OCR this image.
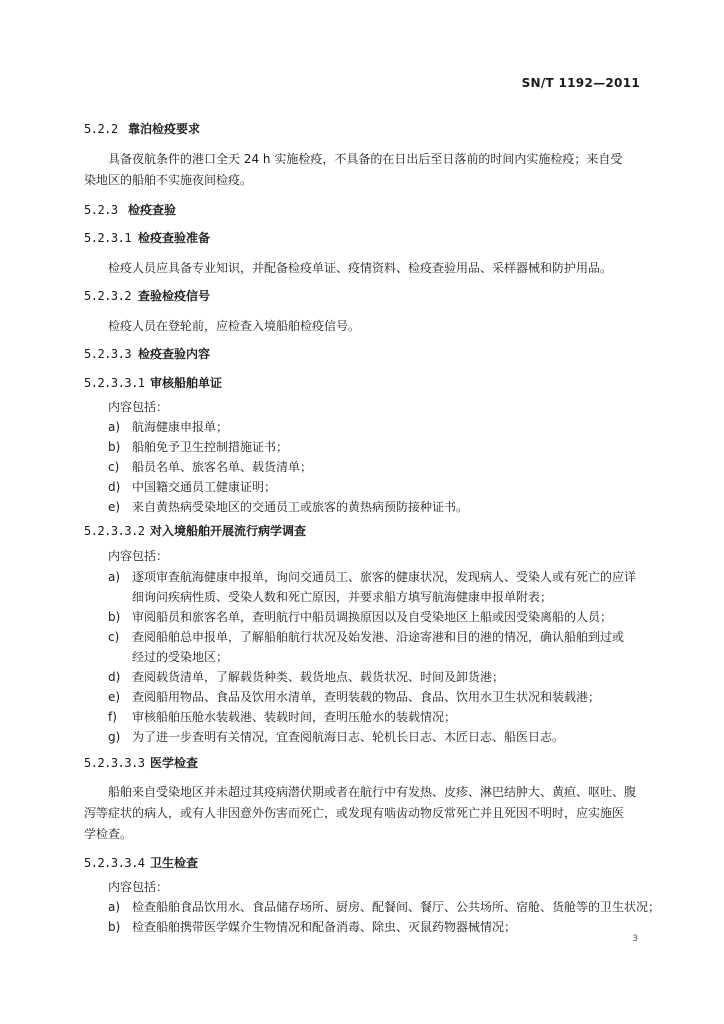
SN/T 1192—2011
5.2.2 靠泊检疫要求
具备夜航条件的港口全天 24 h 实施检疫，不具备的在日出后至日落前的时间内实施检疫；来自受
染地区的船舶不实施夜间检疫。
5.2.3 检疫查验
5.2.3.1 检疫查验准备
检疫人员应具备专业知识，并配备检疫单证、疫情资料、检疫查验用品、采样器械和防护用品。
5.2.3.2 查验检疫信号
检疫人员在登轮前，应检查入境船舶检疫信号。
5.2.3.3 检疫查验内容
5.2.3.3.1 审核船舶单证
内容包括：
a) 航海健康申报单；
b) 船舶免予卫生控制措施证书；
c) 船员名单、旅客名单、载货清单；
d) 中国籍交通员工健康证明；
e) 来自黄热病受染地区的交通员工或旅客的黄热病预防接种证书。
5.2.3.3.2 对入境船舶开展流行病学调查
内容包括：
a) 逐项审查航海健康申报单，询问交通员工、旅客的健康状况，发现病人、受染人或有死亡的应详
细询问疾病性质、受染人数和死亡原因，并要求船方填写航海健康申报单附表；
b) 审阅船员和旅客名单，查明航行中船员调换原因以及自受染地区上船或因受染离船的人员；
c) 查阅船舶总申报单，了解船舶航行状况及始发港、沿途寄港和目的港的情况，确认船舶到过或
经过的受染地区；
d) 查阅载货清单，了解载货种类、载货地点、载货状况、时间及卸货港；
e) 查阅船用物品、食品及饮用水清单，查明装载的物品、食品、饮用水卫生状况和装载港；
f) 审核船舶压舱水装载港、装载时间，查明压舱水的装载情况；
g) 为了进一步查明有关情况，宜查阅航海日志、轮机长日志、木匠日志、船医日志。
5.2.3.3.3 医学检查
船舶来自受染地区并未超过其疫病潜伏期或者在航行中有发热、皮疹、淋巴结肿大、黄疸、呕吐、腹
泻等症状的病人，或有人非因意外伤害而死亡，或发现有啮齿动物反常死亡并且死因不明时，应实施医
学检查。
5.2.3.3.4 卫生检查
内容包括：
a) 检查船舶食品饮用水、食品储存场所、厨房、配餐间、餐厅、公共场所、宿舱、货舱等的卫生状况；
b) 检查船舶携带医学媒介生物情况和配备消毒、除虫、灭鼠药物器械情况；
3
